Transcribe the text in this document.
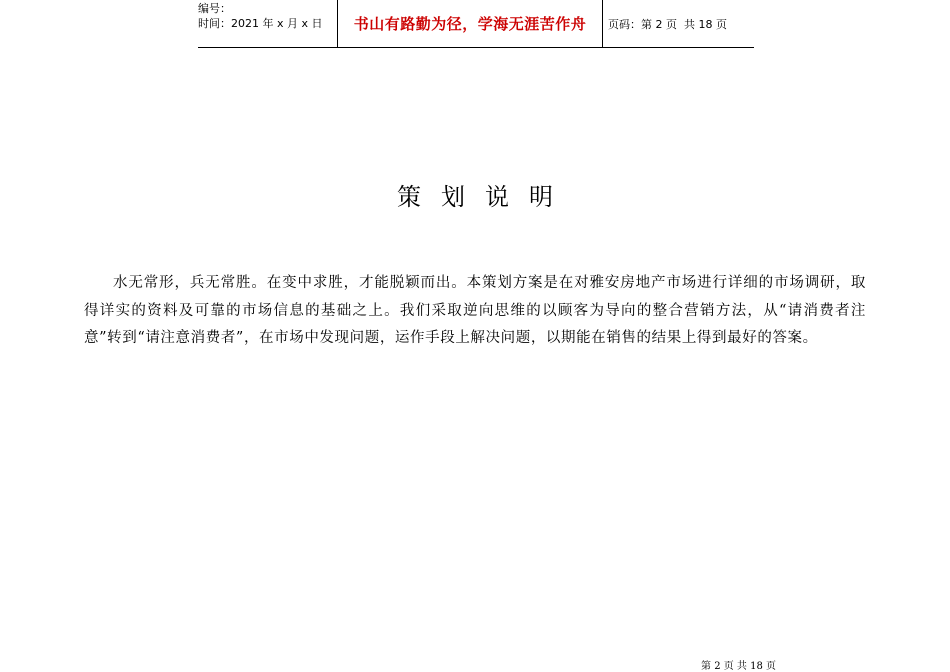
编号：
时间：2021 年 x 月 x 日	书山有路勤为径，学海无涯苦作舟 页码： 第 2 页  共 18 页
策划说明

水无常形，兵无常胜。在变中求胜，才能脱颖而出。本策划方案是在对雅安房地产市场进行详细的市场调研，取得详实的资料及可靠的市场信息的基础之上。我们采取逆向思维的以顾客为导向的整合营销方法，从“请消费者注意”转到“请注意消费者”，在市场中发现问题，运作手段上解决问题，以期能在销售的结果上得到最好的答案。

第 2 页 共 18 页
